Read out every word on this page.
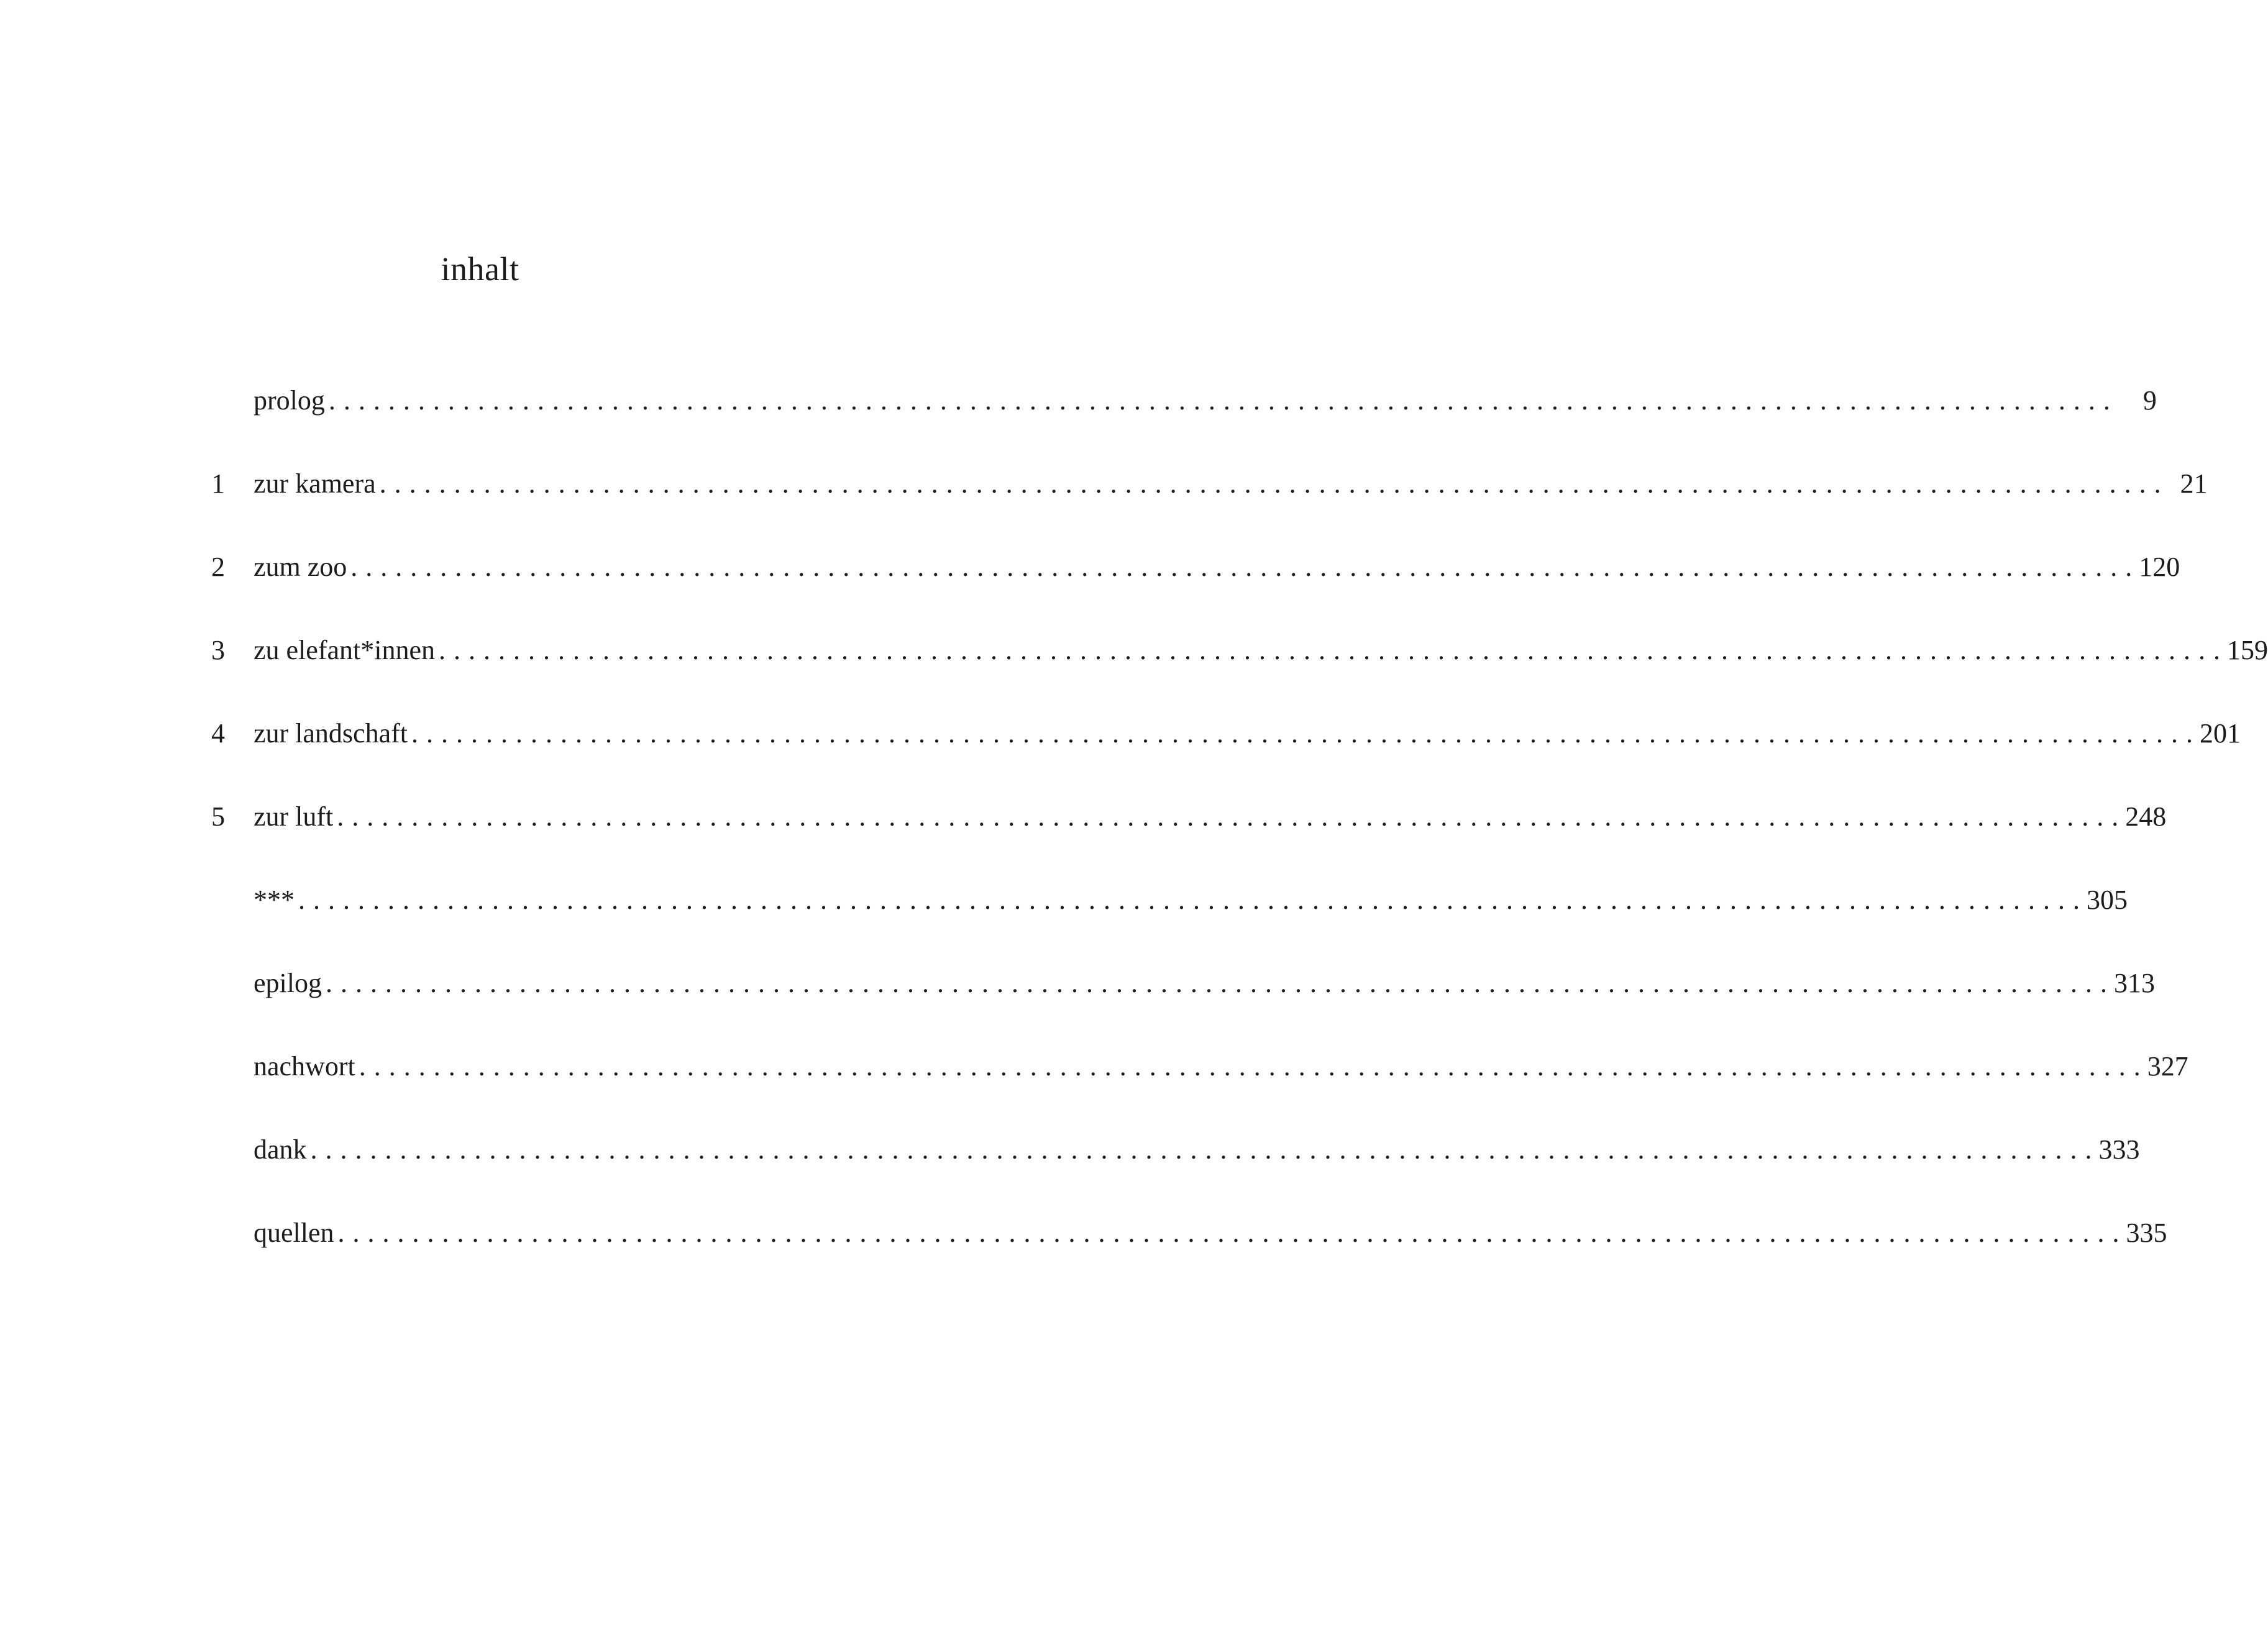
inhalt
prolog . . . . . . . . . . . . . . . . . . . . . . . . . . . . . . . . . . . . . . . . . . . . . . . . . . . . . . . . . . . . . . . . . . . . . . . . . . . . . . . . . . . . . . . . . . . . . . . . . . . . . . . . . . . . . . . . . . . . . . . .	9
1	zur kamera . . . . . . . . . . . . . . . . . . . . . . . . . . . . . . . . . . . . . . . . . . . . . . . . . . . . . . . . . . . . . . . . . . . . . . . . . . . . . . . . . . . . . . . . . . . . . . . . . . . . . . . . . . . . . . . . . . . . . . . . 21
2	zum zoo . . . . . . . . . . . . . . . . . . . . . . . . . . . . . . . . . . . . . . . . . . . . . . . . . . . . . . . . . . . . . . . . . . . . . . . . . . . . . . . . . . . . . . . . . . . . . . . . . . . . . . . . . . . . . . . . . . . . . . . . 120
3	zu elefant*innen . . . . . . . . . . . . . . . . . . . . . . . . . . . . . . . . . . . . . . . . . . . . . . . . . . . . . . . . . . . . . . . . . . . . . . . . . . . . . . . . . . . . . . . . . . . . . . . . . . . . . . . . . . . . . . . . . . . . . . . . 159
4	zur landschaft . . . . . . . . . . . . . . . . . . . . . . . . . . . . . . . . . . . . . . . . . . . . . . . . . . . . . . . . . . . . . . . . . . . . . . . . . . . . . . . . . . . . . . . . . . . . . . . . . . . . . . . . . . . . . . . . . . . . . . . . 201
5	zur luft . . . . . . . . . . . . . . . . . . . . . . . . . . . . . . . . . . . . . . . . . . . . . . . . . . . . . . . . . . . . . . . . . . . . . . . . . . . . . . . . . . . . . . . . . . . . . . . . . . . . . . . . . . . . . . . . . . . . . . . . 248
*** . . . . . . . . . . . . . . . . . . . . . . . . . . . . . . . . . . . . . . . . . . . . . . . . . . . . . . . . . . . . . . . . . . . . . . . . . . . . . . . . . . . . . . . . . . . . . . . . . . . . . . . . . . . . . . . . . . . . . . . . 305
epilog . . . . . . . . . . . . . . . . . . . . . . . . . . . . . . . . . . . . . . . . . . . . . . . . . . . . . . . . . . . . . . . . . . . . . . . . . . . . . . . . . . . . . . . . . . . . . . . . . . . . . . . . . . . . . . . . . . . . . . . . 313
nachwort . . . . . . . . . . . . . . . . . . . . . . . . . . . . . . . . . . . . . . . . . . . . . . . . . . . . . . . . . . . . . . . . . . . . . . . . . . . . . . . . . . . . . . . . . . . . . . . . . . . . . . . . . . . . . . . . . . . . . . . . 327
dank . . . . . . . . . . . . . . . . . . . . . . . . . . . . . . . . . . . . . . . . . . . . . . . . . . . . . . . . . . . . . . . . . . . . . . . . . . . . . . . . . . . . . . . . . . . . . . . . . . . . . . . . . . . . . . . . . . . . . . . . 333
quellen . . . . . . . . . . . . . . . . . . . . . . . . . . . . . . . . . . . . . . . . . . . . . . . . . . . . . . . . . . . . . . . . . . . . . . . . . . . . . . . . . . . . . . . . . . . . . . . . . . . . . . . . . . . . . . . . . . . . . . . . 335
